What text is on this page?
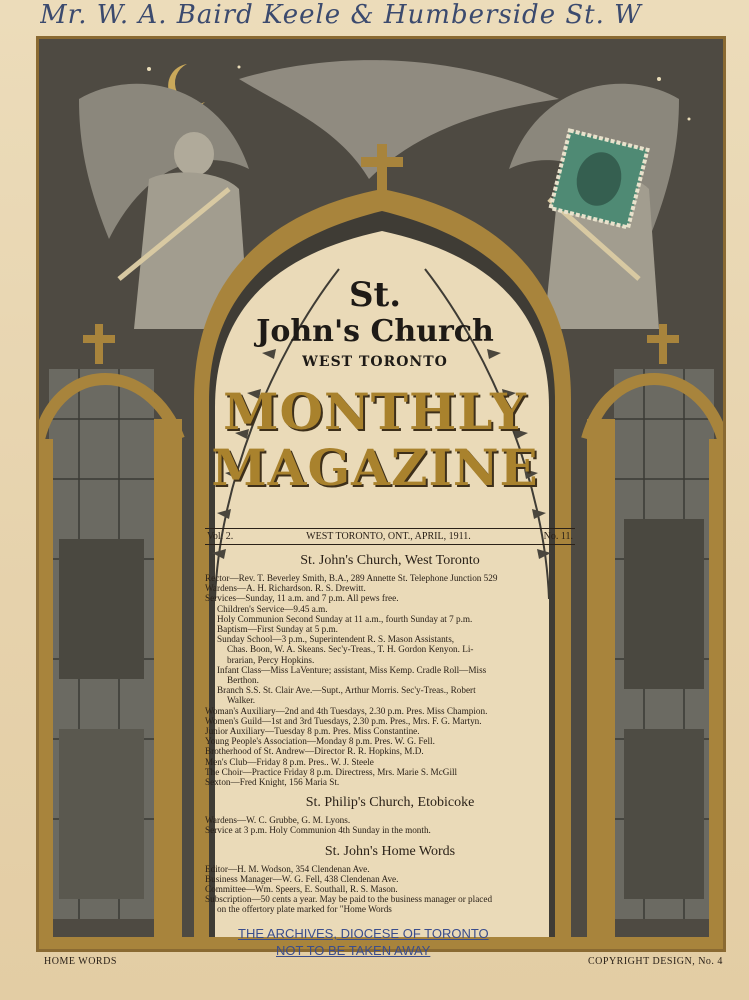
Mr. W. A. Baird Keele & Humberside St. W
St.
John's Church
WEST TORONTO
MONTHLY
MAGAZINE
Vol. 2.	WEST TORONTO, ONT., APRIL, 1911.	No. 11.
St. John's Church, West Toronto
Rector—Rev. T. Beverley Smith, B.A., 289 Annette St. Telephone Junction 529
Wardens—A. H. Richardson. R. S. Drewitt.
Services—Sunday, 11 a.m. and 7 p.m. All pews free.
Children's Service—9.45 a.m.
Holy Communion Second Sunday at 11 a.m., fourth Sunday at 7 p.m.
Baptism—First Sunday at 5 p.m.
Sunday School—3 p.m., Superintendent R. S. Mason Assistants,
Chas. Boon, W. A. Skeans. Sec'y-Treas., T. H. Gordon Kenyon. Li-
brarian, Percy Hopkins.
Infant Class—Miss LaVenture; assistant, Miss Kemp. Cradle Roll—Miss
Berthon.
Branch S.S. St. Clair Ave.—Supt., Arthur Morris. Sec'y-Treas., Robert
Walker.
Woman's Auxiliary—2nd and 4th Tuesdays, 2.30 p.m. Pres. Miss Champion.
Women's Guild—1st and 3rd Tuesdays, 2.30 p.m. Pres., Mrs. F. G. Martyn.
Junior Auxiliary—Tuesday 8 p.m. Pres. Miss Constantine.
Young People's Association—Monday 8 p.m. Pres. W. G. Fell.
Brotherhood of St. Andrew—Director R. R. Hopkins, M.D.
Men's Club—Friday 8 p.m. Pres.. W. J. Steele
The Choir—Practice Friday 8 p.m. Directress, Mrs. Marie S. McGill
Sexton—Fred Knight, 156 Maria St.
St. Philip's Church, Etobicoke
Wardens—W. C. Grubbe, G. M. Lyons.
Service at 3 p.m. Holy Communion 4th Sunday in the month.
St. John's Home Words
Editor—H. M. Wodson, 354 Clendenan Ave.
Business Manager—W. G. Fell, 438 Clendenan Ave.
Committee—Wm. Speers, E. Southall, R. S. Mason.
Subscription—50 cents a year. May be paid to the business manager or placed
on the offertory plate marked for "Home Words
THE ARCHIVES, DIOCESE OF TORONTO
NOT TO BE TAKEN AWAY
HOME WORDS	COPYRIGHT DESIGN, No. 4
